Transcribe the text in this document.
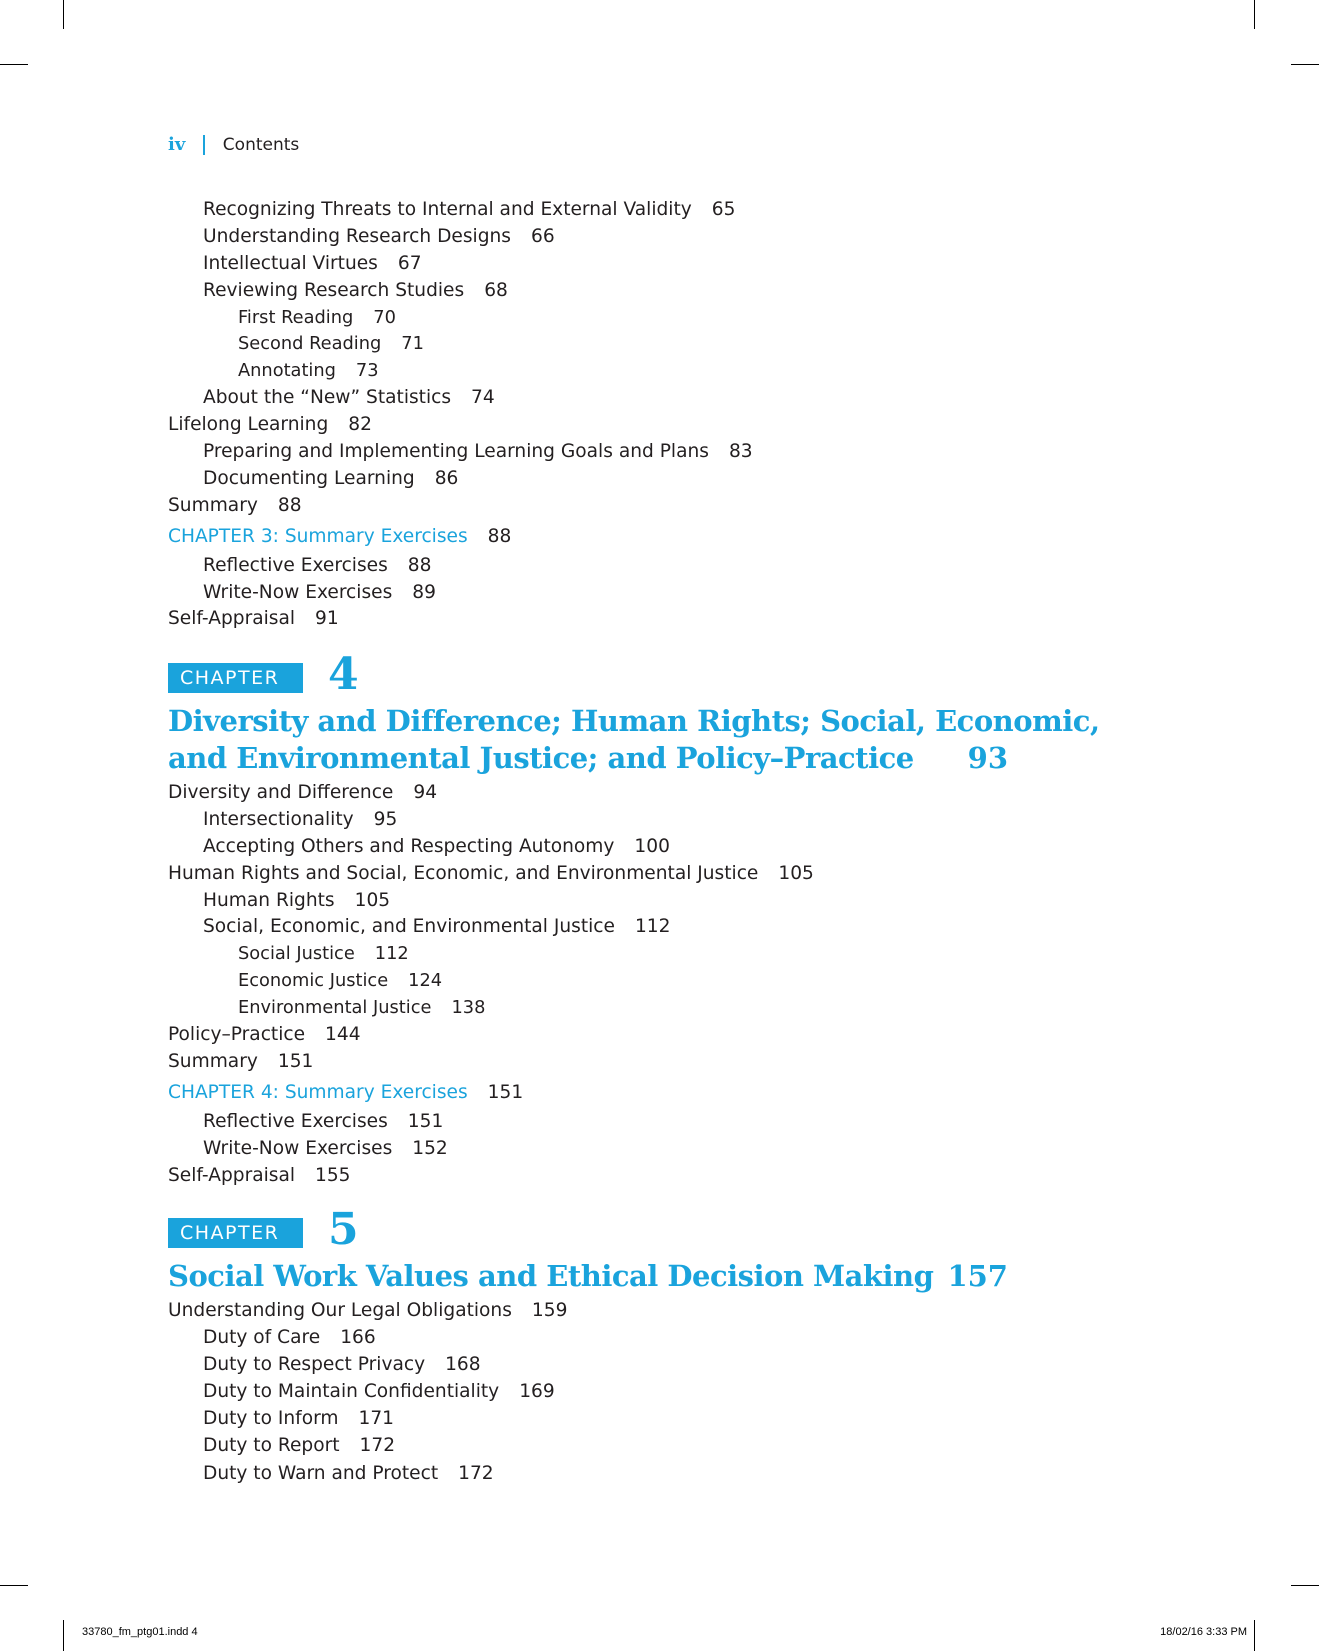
iv Contents
Recognizing Threats to Internal and External Validity 65
Understanding Research Designs 66
Intellectual Virtues 67
Reviewing Research Studies 68
First Reading 70
Second Reading 71
Annotating 73
About the “New” Statistics 74
Lifelong Learning 82
Preparing and Implementing Learning Goals and Plans 83
Documenting Learning 86
Summary 88
CHAPTER 3: Summary Exercises 88
Reflective Exercises 88
Write-Now Exercises 89
Self-Appraisal 91
CHAPTER	4
Diversity and Difference; Human Rights; Social, Economic,
and Environmental Justice; and Policy–Practice 93
Diversity and Difference 94
Intersectionality 95
Accepting Others and Respecting Autonomy 100
Human Rights and Social, Economic, and Environmental Justice 105
Human Rights 105
Social, Economic, and Environmental Justice 112
Social Justice 112
Economic Justice 124
Environmental Justice 138
Policy–Practice 144
Summary 151
CHAPTER 4: Summary Exercises 151
Reflective Exercises 151
Write-Now Exercises 152
Self-Appraisal 155
CHAPTER	5
Social Work Values and Ethical Decision Making 157
Understanding Our Legal Obligations 159
Duty of Care 166
Duty to Respect Privacy 168
Duty to Maintain Confidentiality 169
Duty to Inform 171
Duty to Report 172
Duty to Warn and Protect 172
33780_fm_ptg01.indd 4	18/02/16 3:33 PM
